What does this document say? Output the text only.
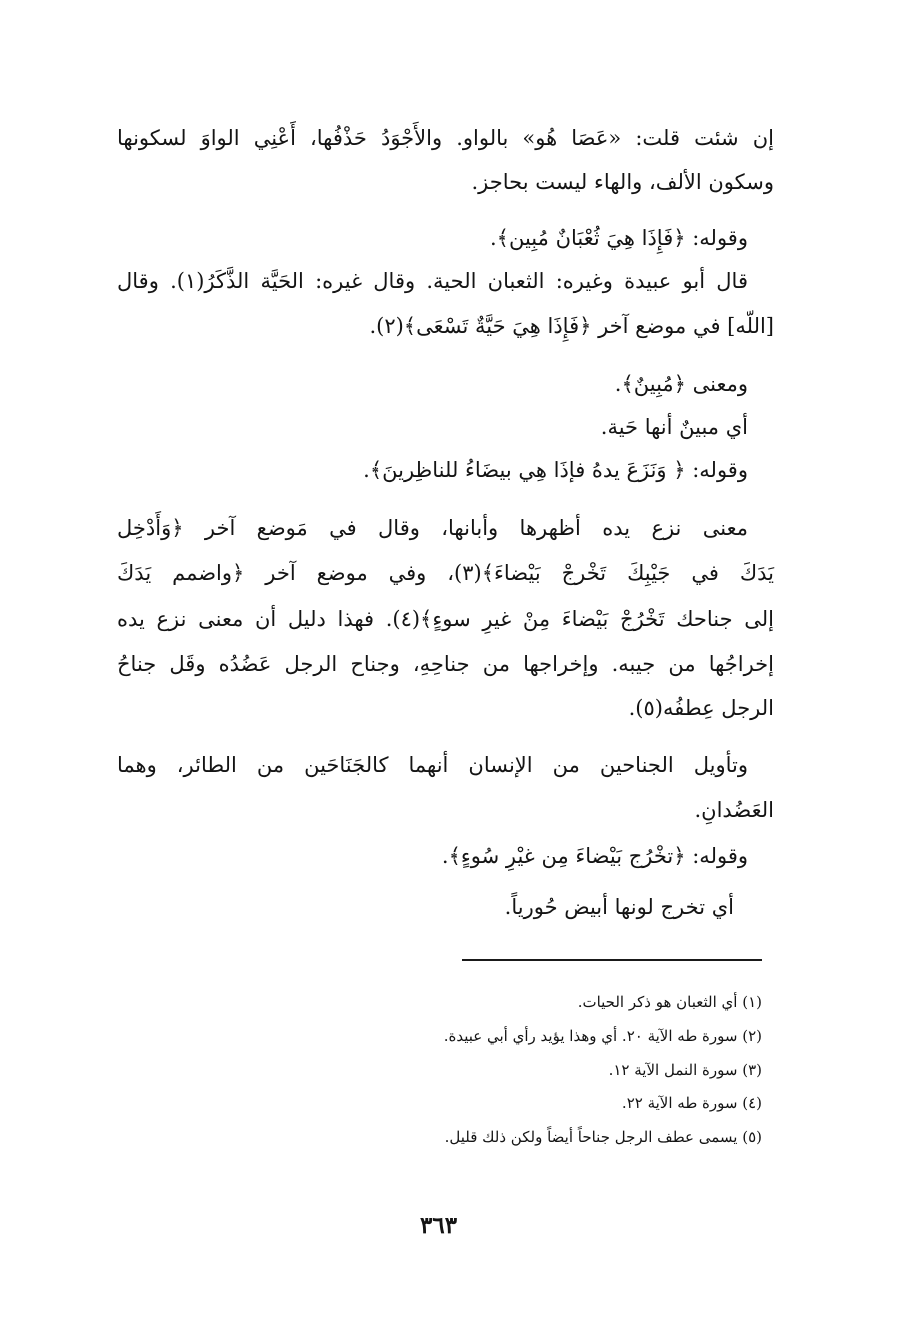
إن شئت قلت: «عَصَا هُو» بالواو. والأَجْوَدُ حَذْفُها، أَعْنِي الواوَ لسكونها
وسكون الألف، والهاء ليست بحاجز.
وقوله: ﴿فَإِذَا هِيَ ثُعْبَانٌ مُبِين﴾.
قال أبو عبيدة وغيره: الثعبان الحية. وقال غيره: الحَيَّة الذَّكَرُ(١). وقال
[اللّه] في موضع آخر ﴿فَإِذَا هِيَ حَيَّةٌ تَسْعَى﴾(٢).
ومعنى ﴿مُبِينٌ﴾.
أي مبينٌ أنها حَية.
وقوله: ﴿ وَنَزَعَ يدهُ فإذَا هِي بيضَاءُ للناظِرينَ﴾.
معنى نزع يده أظهرها وأبانها، وقال في مَوضع آخر ﴿وَأَدْخِل
يَدَكَ في جَيْبِكَ تَخْرجْ بَيْضاءَ﴾(٣)، وفي موضع آخر ﴿واضمم يَدَكَ
إلى جناحك تَخْرُجْ بَيْضاءَ مِنْ غيرِ سوءٍ﴾(٤). فهذا دليل أن معنى نزع يده
إخراجُها من جيبه. وإخراجها من جناحِهِ، وجناح الرجل عَضُدُه وقَل جناحُ
الرجل عِطفُه(٥).
وتأويل الجناحين من الإنسان أنهما كالجَنَاحَين من الطائر، وهما
العَضُدانِ.
وقوله: ﴿تخْرُج بَيْضاءَ مِن غيْرِ سُوءٍ﴾.
أي تخرج لونها أبيض حُورياً.
(١) أي الثعبان هو ذكر الحيات.
(٢) سورة طه الآية ٢٠. أي وهذا يؤيد رأي أبي عبيدة.
(٣) سورة النمل الآية ١٢.
(٤) سورة طه الآية ٢٢.
(٥) يسمى عطف الرجل جناحاً أيضاً ولكن ذلك قليل.
٣٦٣
